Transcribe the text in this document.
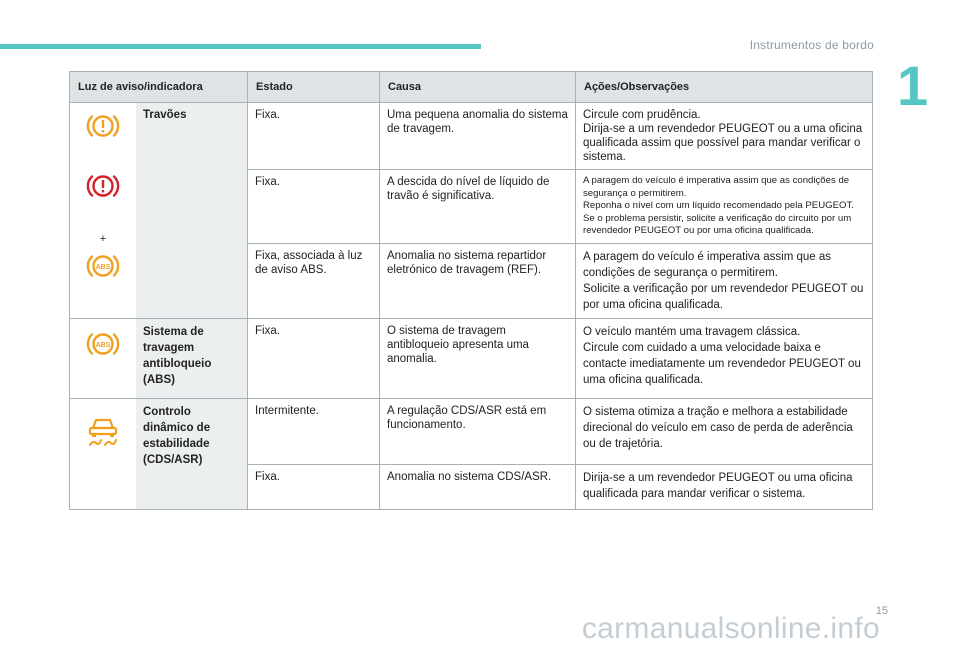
Instrumentos de bordo
1
Luz de aviso/indicadora		Estado	Causa	Ações/Observações

+
ABS	Travões	Fixa.	Uma pequena anomalia do sistema de travagem.	Circule com prudência.
Dirija-se a um revendedor PEUGEOT ou a uma oficina qualificada assim que possível para mandar verificar o sistema.

		Fixa.	A descida do nível de líquido de travão é significativa.	A paragem do veículo é imperativa assim que as condições de segurança o permitirem.
Reponha o nível com um líquido recomendado pela PEUGEOT.
Se o problema persistir, solicite a verificação do circuito por um revendedor PEUGEOT ou por uma oficina qualificada.

		Fixa, associada à luz de aviso ABS.	Anomalia no sistema repartidor eletrónico de travagem (REF).	A paragem do veículo é imperativa assim que as condições de segurança o permitirem.
Solicite a verificação por um revendedor PEUGEOT ou por uma oficina qualificada.

ABS	Sistema de travagem antibloqueio (ABS)	Fixa.	O sistema de travagem antibloqueio apresenta uma anomalia.	O veículo mantém uma travagem clássica.
Circule com cuidado a uma velocidade baixa e contacte imediatamente um revendedor PEUGEOT ou uma oficina qualificada.

	Controlo dinâmico de estabilidade (CDS/ASR)	Intermitente.	A regulação CDS/ASR está em funcionamento.	O sistema otimiza a tração e melhora a estabilidade direcional do veículo em caso de perda de aderência ou de trajetória.

		Fixa.	Anomalia no sistema CDS/ASR.	Dirija-se a um revendedor PEUGEOT ou uma oficina qualificada para mandar verificar o sistema.
15
carmanualsonline.info
